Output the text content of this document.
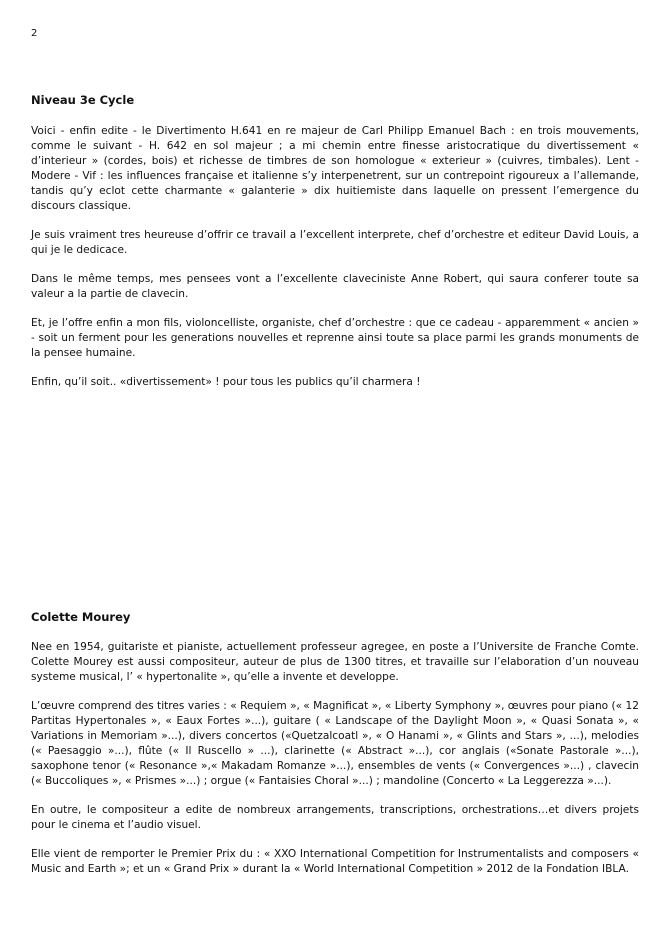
2
Niveau 3e Cycle

Voici - enfin edite - le Divertimento H.641 en re majeur de Carl Philipp Emanuel Bach : en trois mouvements, comme le suivant - H. 642 en sol majeur ; a mi chemin entre finesse aristocratique du divertissement « d’interieur » (cordes, bois) et richesse de timbres de son homologue « exterieur » (cuivres, timbales). Lent - Modere - Vif : les influences française et italienne s’y interpenetrent, sur un contrepoint rigoureux a l’allemande, tandis qu’y eclot cette charmante « galanterie » dix huitiemiste dans laquelle on pressent l’emergence du discours classique.

Je suis vraiment tres heureuse d’offrir ce travail a l’excellent interprete, chef d’orchestre et editeur David Louis, a qui je le dedicace.

Dans le même temps, mes pensees vont a l’excellente claveciniste Anne Robert, qui saura conferer toute sa valeur a la partie de clavecin.

Et, je l’offre enfin a mon fils, violoncelliste, organiste, chef d’orchestre : que ce cadeau - apparemment « ancien » - soit un ferment pour les generations nouvelles et reprenne ainsi toute sa place parmi les grands monuments de la pensee humaine.

Enfin, qu’il soit.. «divertissement» ! pour tous les publics qu’il charmera !

Colette Mourey

Nee en 1954, guitariste et pianiste, actuellement professeur agregee, en poste a l’Universite de Franche Comte. Colette Mourey est aussi compositeur, auteur de plus de 1300 titres, et travaille sur l’elaboration d’un nouveau systeme musical, l’ « hypertonalite », qu’elle a invente et developpe.

L’œuvre comprend des titres varies : « Requiem », « Magnificat », « Liberty Symphony », œuvres pour piano (« 12 Partitas Hypertonales », « Eaux Fortes »...), guitare ( « Landscape of the Daylight Moon », « Quasi Sonata », « Variations in Memoriam »...), divers concertos («Quetzalcoatl », « O Hanami », « Glints and Stars », ...), melodies (« Paesaggio »...), flûte (« Il Ruscello » ...), clarinette (« Abstract »...), cor anglais («Sonate Pastorale »...), saxophone tenor (« Resonance »,« Makadam Romanze »...), ensembles de vents (« Convergences »...) , clavecin (« Buccoliques », « Prismes »...) ; orgue (« Fantaisies Choral »...) ; mandoline (Concerto « La Leggerezza »...).

En outre, le compositeur a edite de nombreux arrangements, transcriptions, orchestrations…et divers projets pour le cinema et l’audio visuel.

Elle vient de remporter le Premier Prix du : « XXO International Competition for Instrumentalists and composers « Music and Earth »; et un « Grand Prix » durant la « World International Competition » 2012 de la Fondation IBLA.
